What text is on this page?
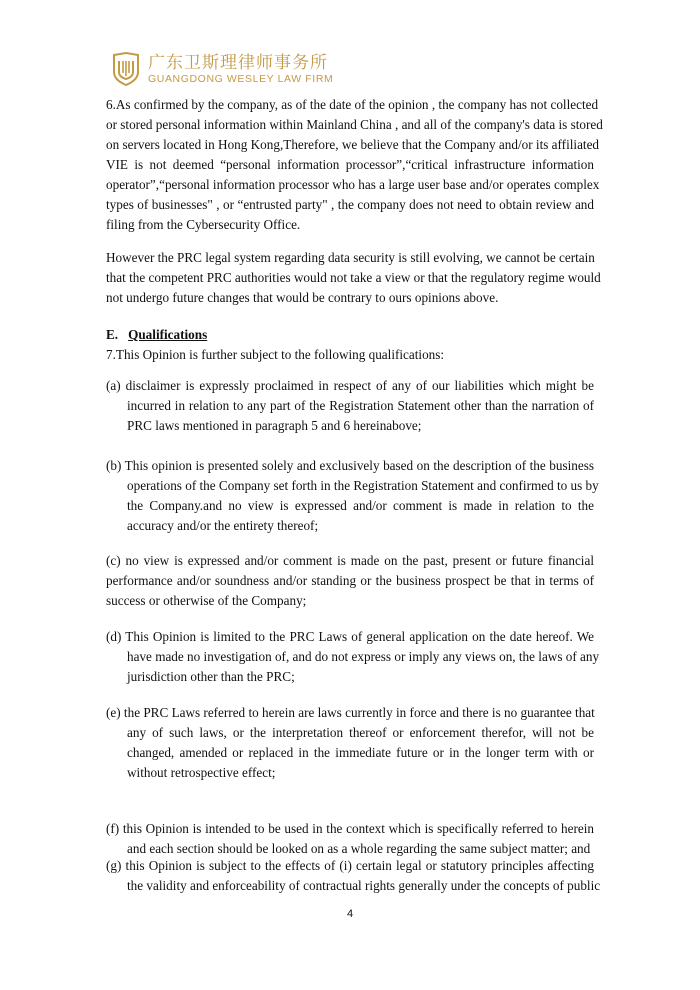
广东卫斯理律师事务所
GUANGDONG WESLEY LAW FIRM
6.As confirmed by the company, as of the date of the opinion , the company has not collected
or stored personal information within Mainland China , and all of the company's data is stored
on servers located in Hong Kong,Therefore, we believe that the Company and/or its affiliated
VIE is not deemed “personal information processor”,“critical infrastructure information
operator”,“personal information processor who has a large user base and/or operates complex
types of businesses" , or “entrusted party" , the company does not need to obtain review and
filing from the Cybersecurity Office.
However the PRC legal system regarding data security is still evolving, we cannot be certain
that the competent PRC authorities would not take a view or that the regulatory regime would
not undergo future changes that would be contrary to ours opinions above.
7.This Opinion is further subject to the following qualifications:
(a) disclaimer is expressly proclaimed in respect of any of our liabilities which might be
incurred in relation to any part of the Registration Statement other than the narration of
PRC laws mentioned in paragraph 5 and 6 hereinabove;
(b) This opinion is presented solely and exclusively based on the description of the business
operations of the Company set forth in the Registration Statement and confirmed to us by
the Company.and no view is expressed and/or comment is made in relation to the
accuracy and/or the entirety thereof;
(c) no view is expressed and/or comment is made on the past, present or future financial
performance and/or soundness and/or standing or the business prospect be that in terms of
success or otherwise of the Company;
(d) This Opinion is limited to the PRC Laws of general application on the date hereof. We
have made no investigation of, and do not express or imply any views on, the laws of any
jurisdiction other than the PRC;
(e) the PRC Laws referred to herein are laws currently in force and there is no guarantee that
any of such laws, or the interpretation thereof or enforcement therefor, will not be
changed, amended or replaced in the immediate future or in the longer term with or
without retrospective effect;
(f) this Opinion is intended to be used in the context which is specifically referred to herein
and each section should be looked on as a whole regarding the same subject matter; and
(g) this Opinion is subject to the effects of (i) certain legal or statutory principles affecting
the validity and enforceability of contractual rights generally under the concepts of public
E. Qualifications
4
